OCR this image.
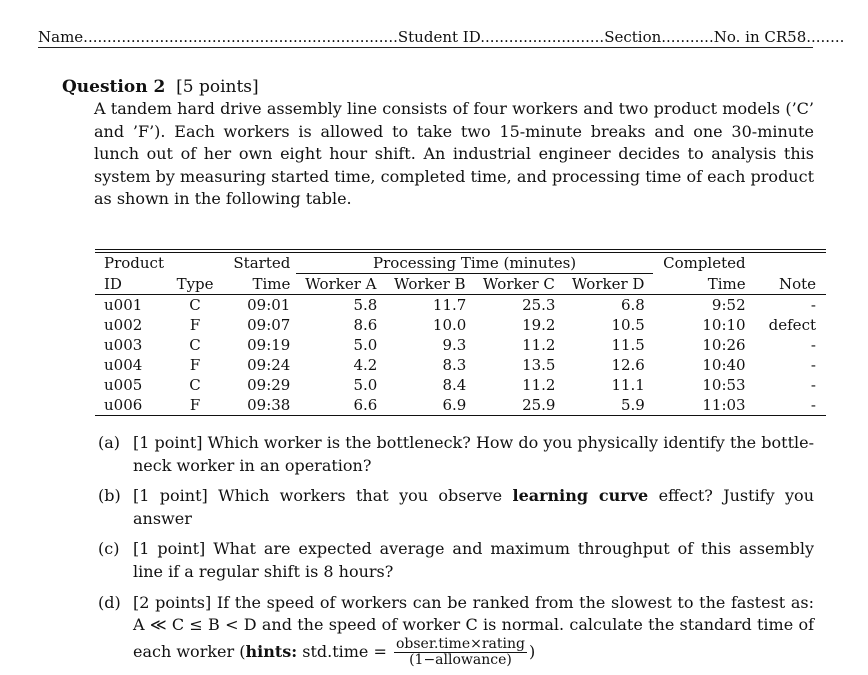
Name..................................................................Student ID..........................Section...........No. in CR58........
Question 2 [5 points]
A tandem hard drive assembly line consists of four workers and two product models (’C’ and ’F’). Each workers is allowed to take two 15-minute breaks and one 30-minute lunch out of her own eight hour shift. An industrial engineer decides to analysis this system by measuring started time, completed time, and processing time of each product as shown in the following table.
Product		Started	Processing Time (minutes)				Completed	
ID	Type	Time	Worker A	Worker B	Worker C	Worker D	Time	Note

u001	C	09:01	5.8	11.7	25.3	6.8	9:52	-
u002	F	09:07	8.6	10.0	19.2	10.5	10:10	defect
u003	C	09:19	5.0	9.3	11.2	11.5	10:26	-
u004	F	09:24	4.2	8.3	13.5	12.6	10:40	-
u005	C	09:29	5.0	8.4	11.2	11.1	10:53	-
u006	F	09:38	6.6	6.9	25.9	5.9	11:03	-
(a) [1 point] Which worker is the bottleneck? How do you physically identify the bottle-neck worker in an operation?
(b) [1 point] Which workers that you observe learning curve effect? Justify you answer
(c) [1 point] What are expected average and maximum throughput of this assembly line if a regular shift is 8 hours?
(d) [2 points] If the speed of workers can be ranked from the slowest to the fastest as: A ≪ C ≤ B < D and the speed of worker C is normal. calculate the standard time of each worker (hints: std.time = $\frac{\text{obser.time×rating}}{\text{(1−allowance)}}$ )
